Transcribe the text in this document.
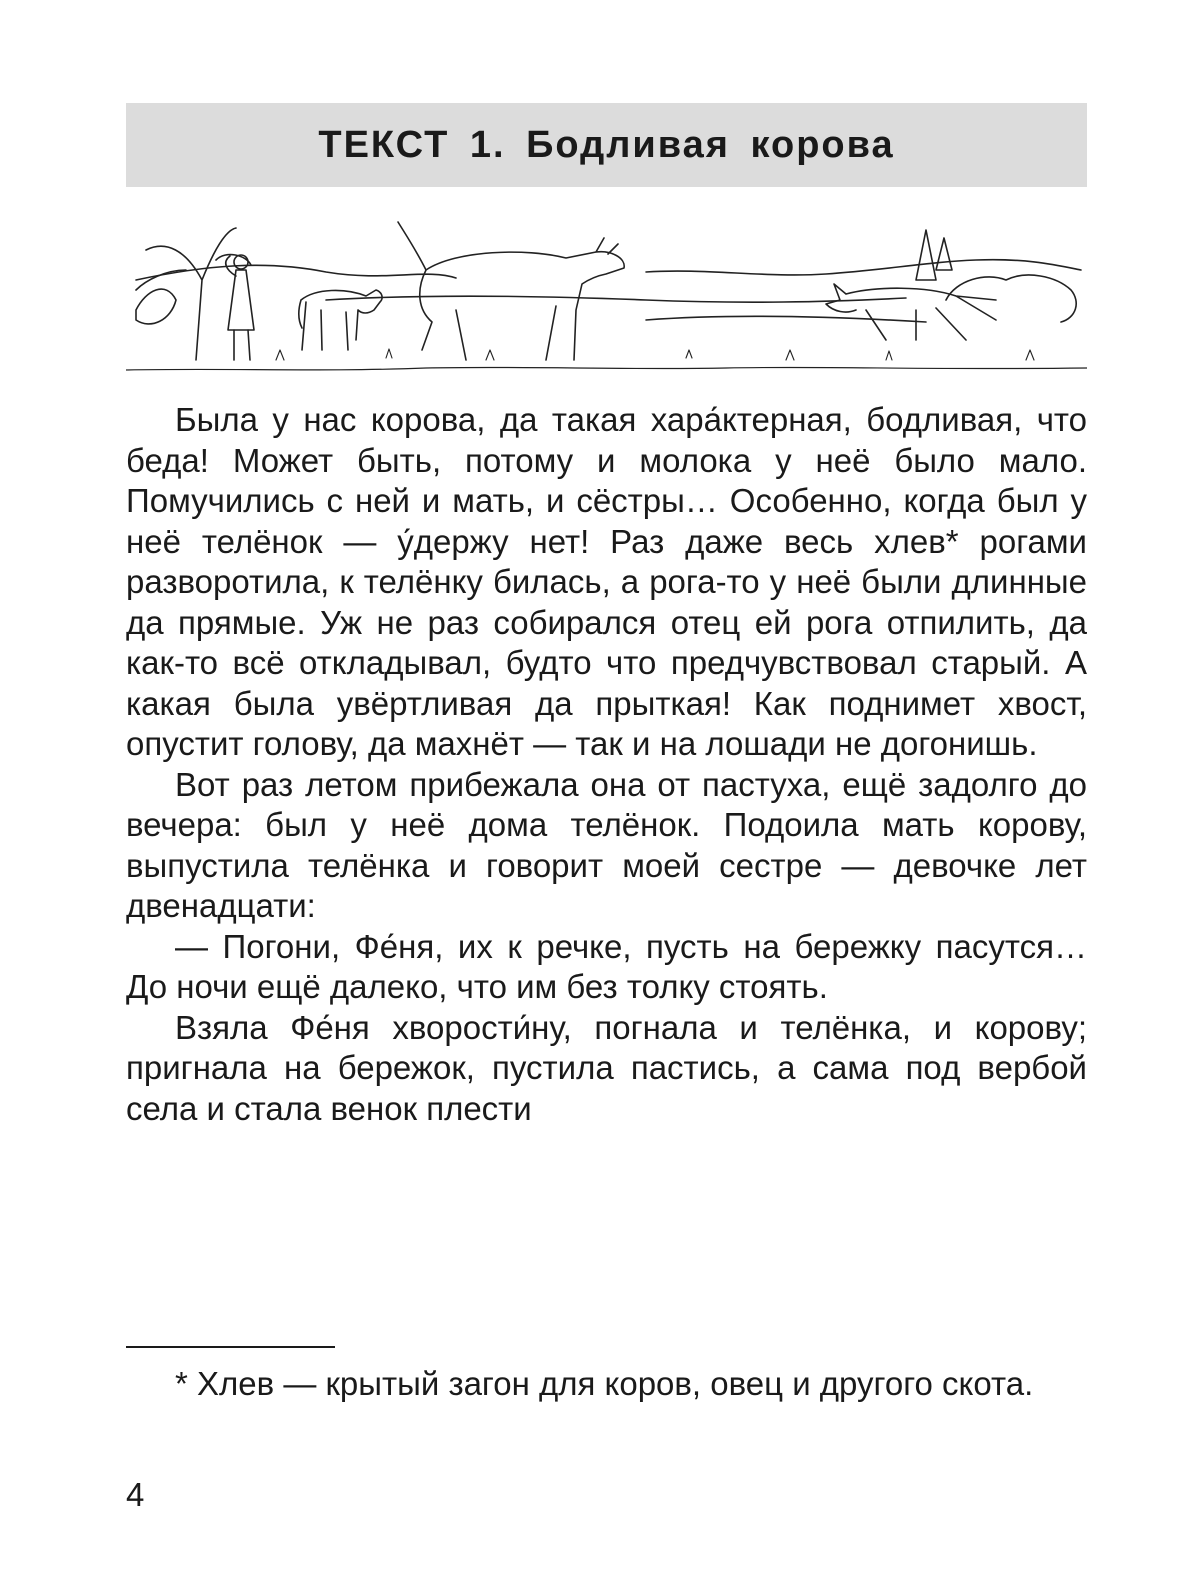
ТЕКСТ 1. Бодливая корова

Была у нас корова, да такая хара́ктерная, бодливая, что беда! Может быть, потому и молока у неё было мало. Помучились с ней и мать, и сёстры… Особенно, когда был у неё телёнок — у́держу нет! Раз даже весь хлев* рогами разворотила, к телёнку билась, а рога-то у неё были длинные да прямые. Уж не раз собирался отец ей рога отпилить, да как-то всё откладывал, будто что предчувствовал старый. А какая была увёртливая да прыткая! Как поднимет хвост, опустит голову, да махнёт — так и на лошади не догонишь.

Вот раз летом прибежала она от пастуха, ещё задолго до вечера: был у неё дома телёнок. Подоила мать корову, выпустила телёнка и говорит моей сестре — девочке лет двенадцати:

— Погони, Фе́ня, их к речке, пусть на бережку пасутся… До ночи ещё далеко, что им без толку стоять.

Взяла Фе́ня хворости́ну, погнала и телёнка, и корову; пригнала на бережок, пустила пастись, а сама под вербой села и стала венок плести

* Хлев — крытый загон для коров, овец и другого скота.

4
